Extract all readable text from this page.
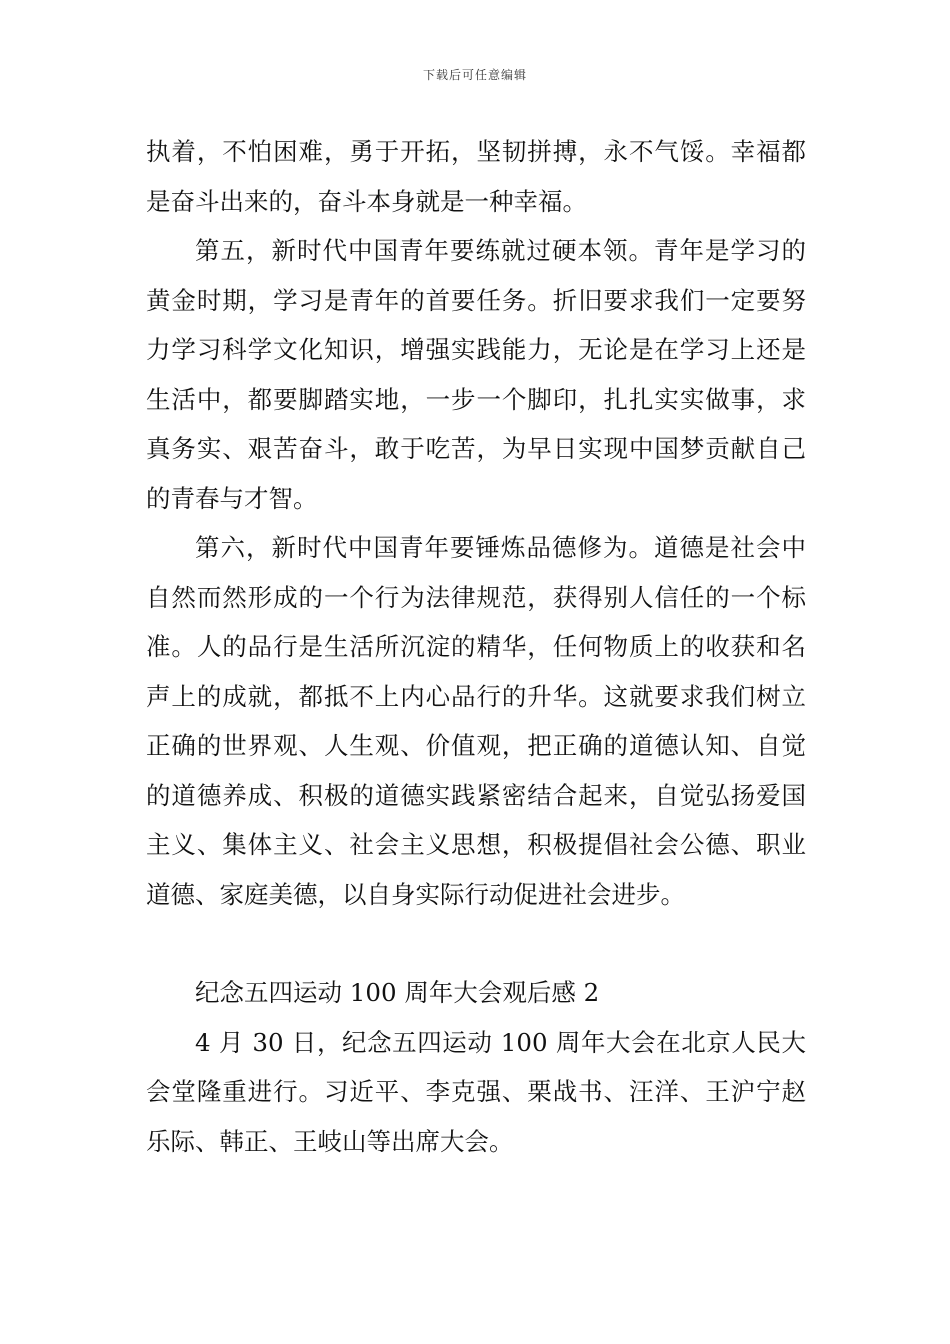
下载后可任意编辑

执着，不怕困难，勇于开拓，坚韧拼搏，永不气馁。幸福都是奋斗出来的，奋斗本身就是一种幸福。

第五，新时代中国青年要练就过硬本领。青年是学习的黄金时期，学习是青年的首要任务。折旧要求我们一定要努力学习科学文化知识，增强实践能力，无论是在学习上还是生活中，都要脚踏实地，一步一个脚印，扎扎实实做事，求真务实、艰苦奋斗，敢于吃苦，为早日实现中国梦贡献自己的青春与才智。

第六，新时代中国青年要锤炼品德修为。道德是社会中自然而然形成的一个行为法律规范，获得别人信任的一个标准。人的品行是生活所沉淀的精华，任何物质上的收获和名声上的成就，都抵不上内心品行的升华。这就要求我们树立正确的世界观、人生观、价值观，把正确的道德认知、自觉的道德养成、积极的道德实践紧密结合起来，自觉弘扬爱国主义、集体主义、社会主义思想，积极提倡社会公德、职业道德、家庭美德，以自身实际行动促进社会进步。

纪念五四运动 100 周年大会观后感 2

4 月 30 日，纪念五四运动 100 周年大会在北京人民大会堂隆重进行。习近平、李克强、栗战书、汪洋、王沪宁赵乐际、韩正、王岐山等出席大会。
